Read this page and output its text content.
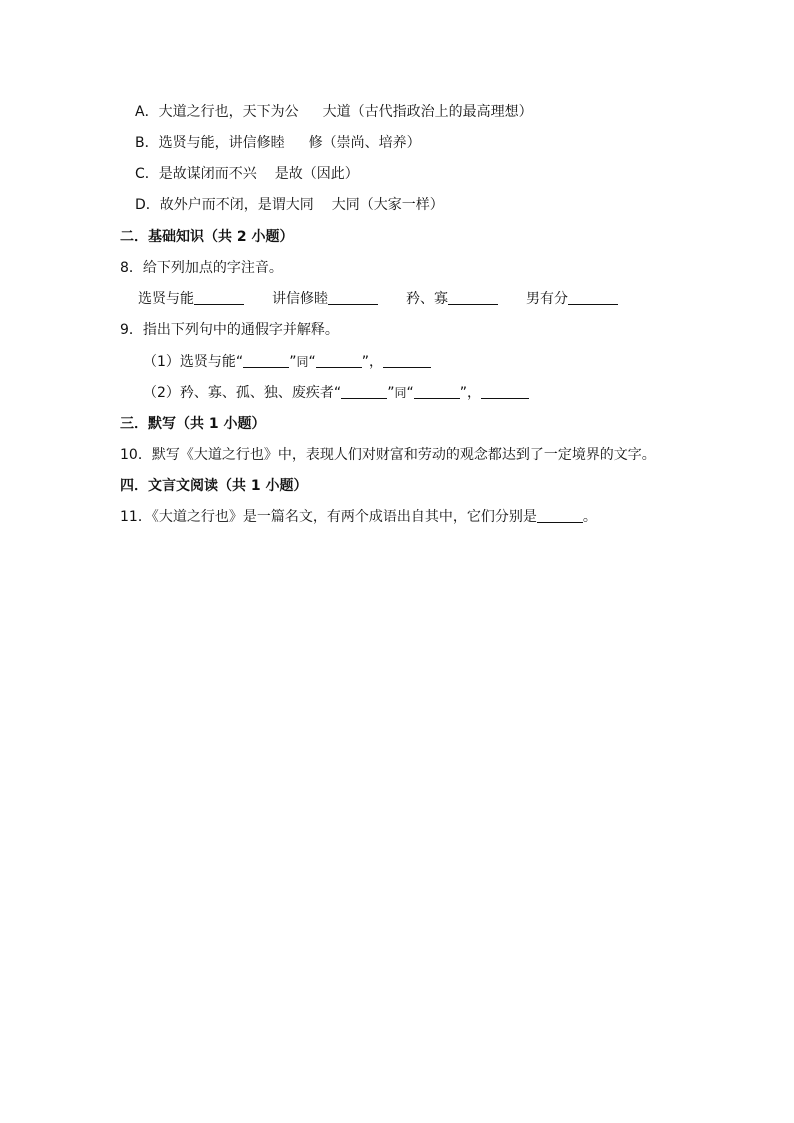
A．大道之行也，天下为公 大道（古代指政治上的最高理想）
B．选贤与能，讲信修睦 修（崇尚、培养）
C．是故谋闭而不兴 是故（因此）
D．故外户而不闭，是谓大同 大同（大家一样）
二．基础知识（共 2 小题）
8．给下列加点的字注音。
选贤与能	讲信修睦	矜、寡	男有分
9．指出下列句中的通假字并解释。
（1）选贤与能“	”同“	”，
（2）矜、寡、孤、独、废疾者“	”同“	”，
三．默写（共 1 小题）
10．默写《大道之行也》中，表现人们对财富和劳动的观念都达到了一定境界的文字。
四．文言文阅读（共 1 小题）
11．《大道之行也》是一篇名文，有两个成语出自其中，它们分别是	。
